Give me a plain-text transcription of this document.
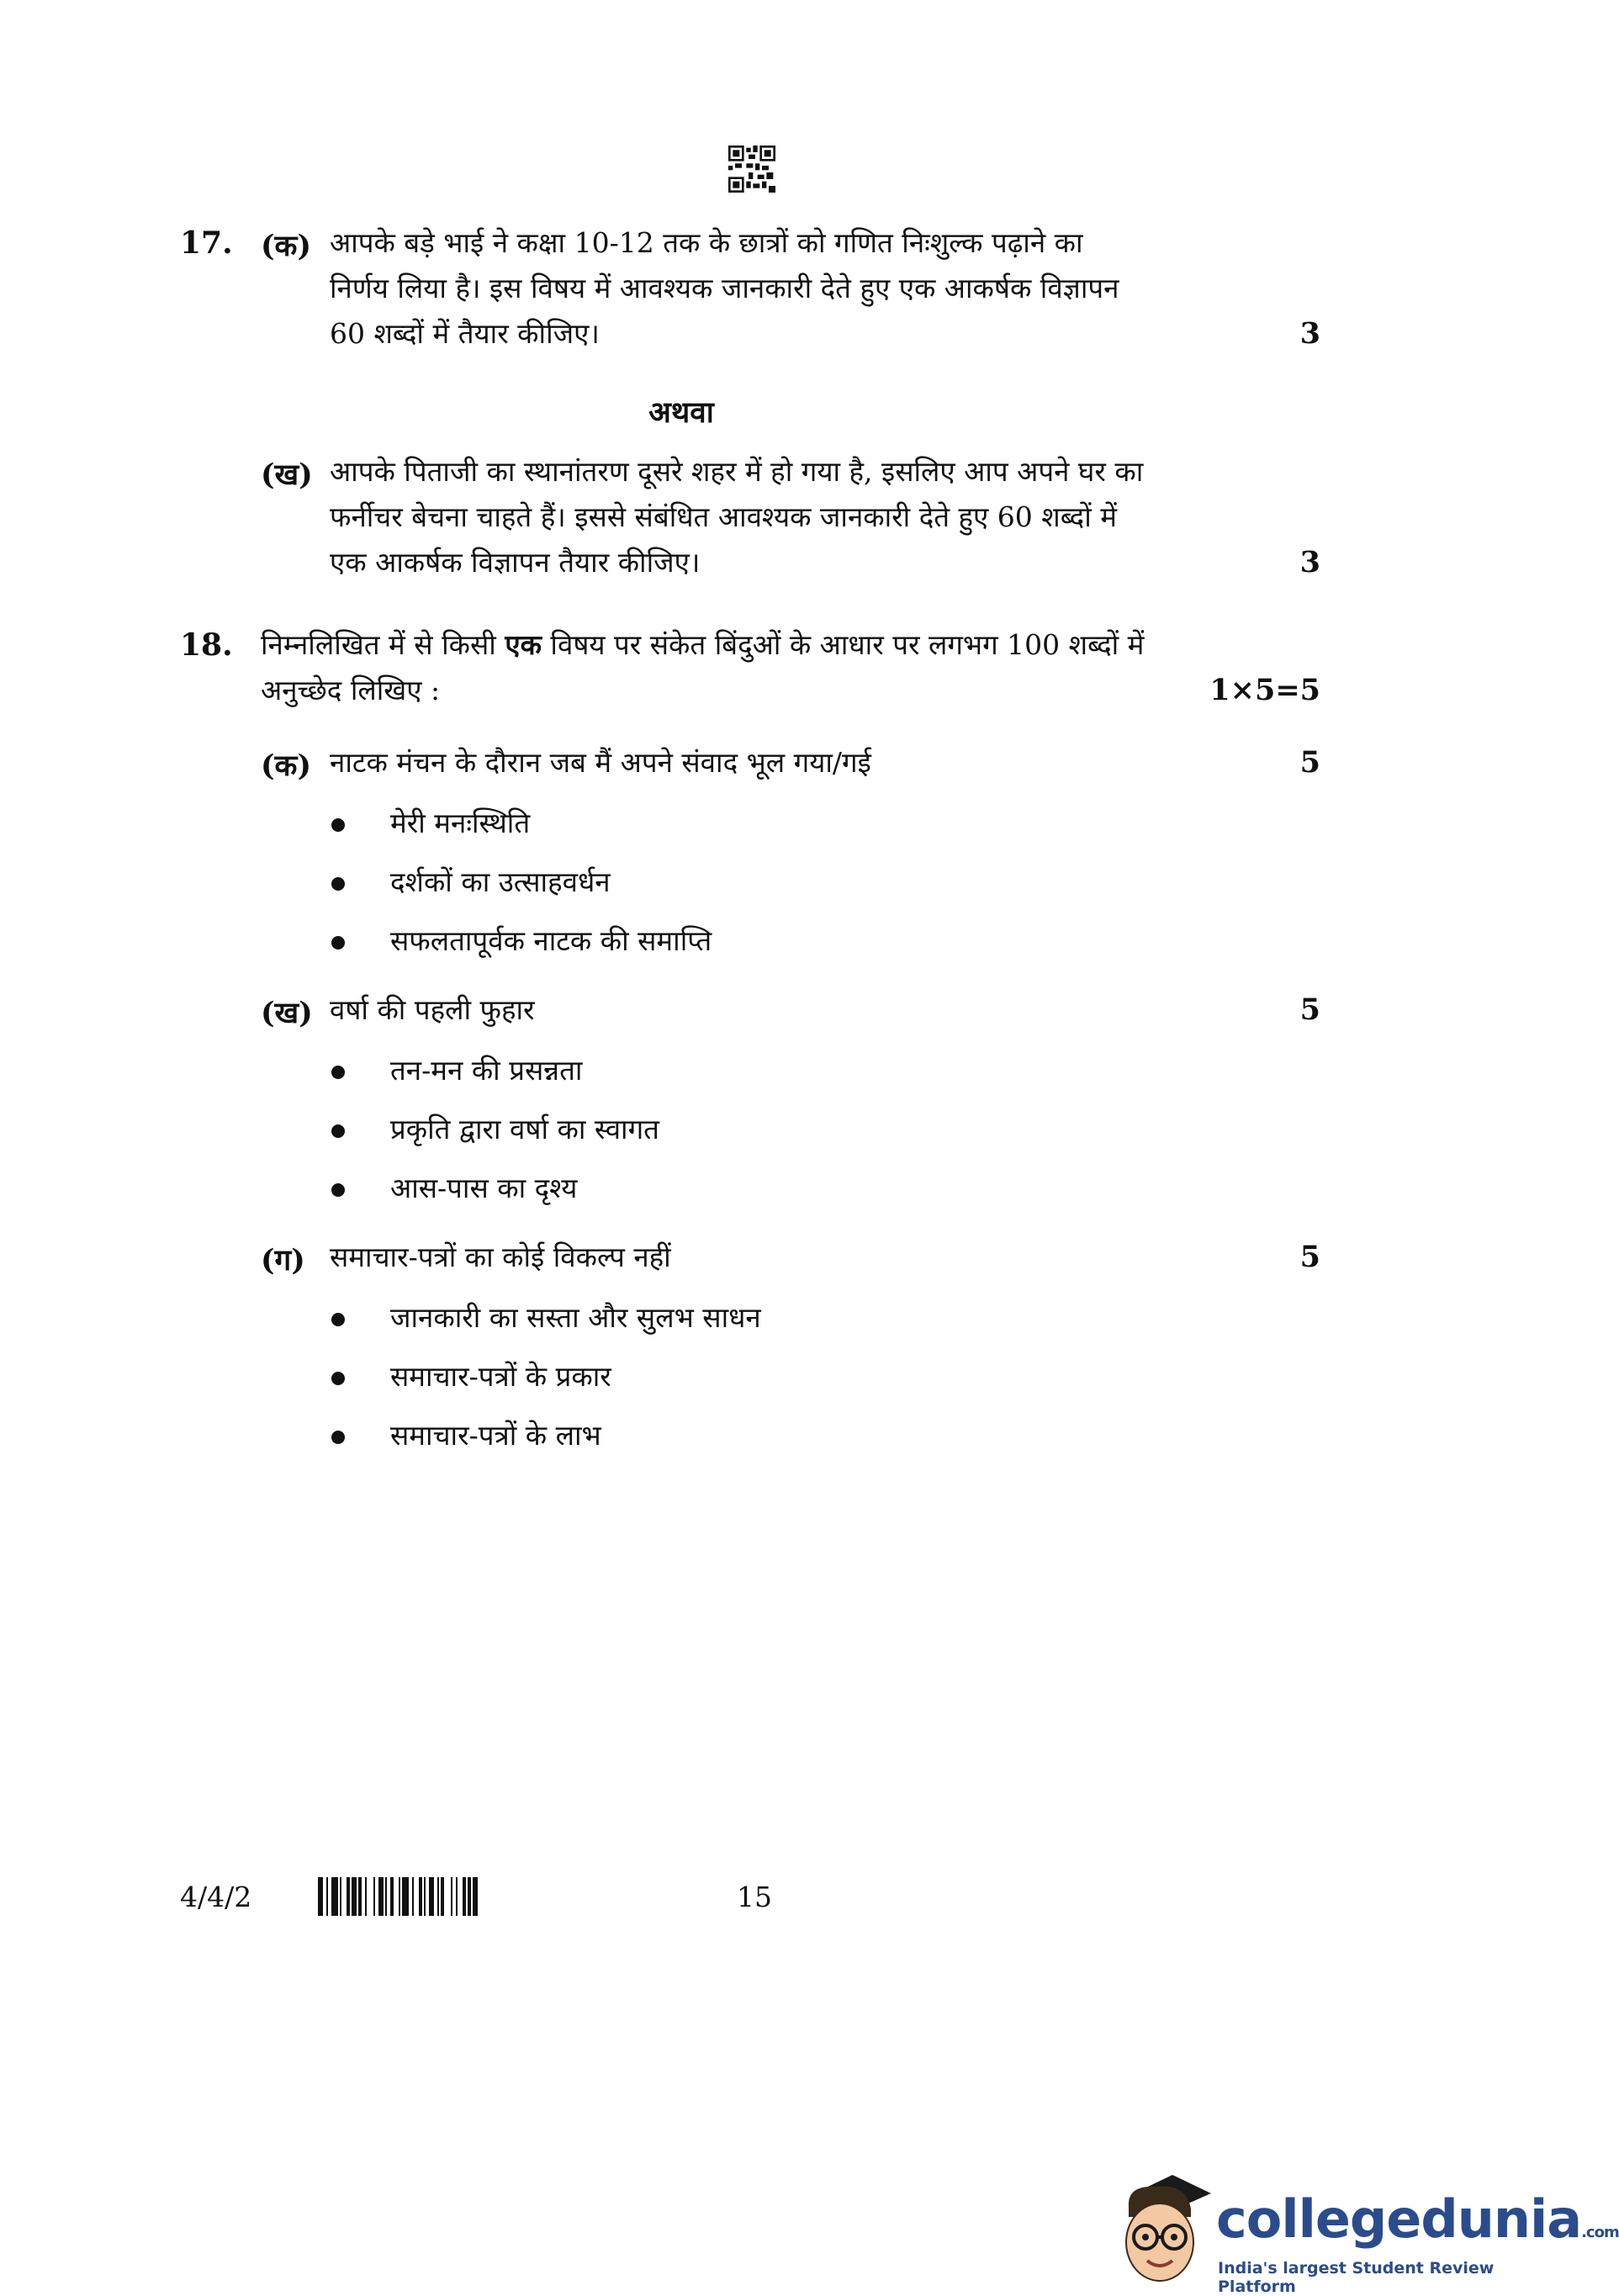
17. (क) आपके बड़े भाई ने कक्षा 10-12 तक के छात्रों को गणित निःशुल्क पढ़ाने का
निर्णय लिया है। इस विषय में आवश्यक जानकारी देते हुए एक आकर्षक विज्ञापन
60 शब्दों में तैयार कीजिए।	3
अथवा
(ख) आपके पिताजी का स्थानांतरण दूसरे शहर में हो गया है, इसलिए आप अपने घर का
फर्नीचर बेचना चाहते हैं। इससे संबंधित आवश्यक जानकारी देते हुए 60 शब्दों में
एक आकर्षक विज्ञापन तैयार कीजिए।	3
18. निम्नलिखित में से किसी एक विषय पर संकेत बिंदुओं के आधार पर लगभग 100 शब्दों में
अनुच्छेद लिखिए :	1×5=5
(क) नाटक मंचन के दौरान जब मैं अपने संवाद भूल गया/गई	5
मेरी मनःस्थिति
दर्शकों का उत्साहवर्धन
सफलतापूर्वक नाटक की समाप्ति
(ख) वर्षा की पहली फुहार	5
तन-मन की प्रसन्नता
प्रकृति द्वारा वर्षा का स्वागत
आस-पास का दृश्य
(ग) समाचार-पत्रों का कोई विकल्प नहीं	5
जानकारी का सस्ता और सुलभ साधन
समाचार-पत्रों के प्रकार
समाचार-पत्रों के लाभ
4/4/2	15
collegedunia.com
India's largest Student Review Platform
